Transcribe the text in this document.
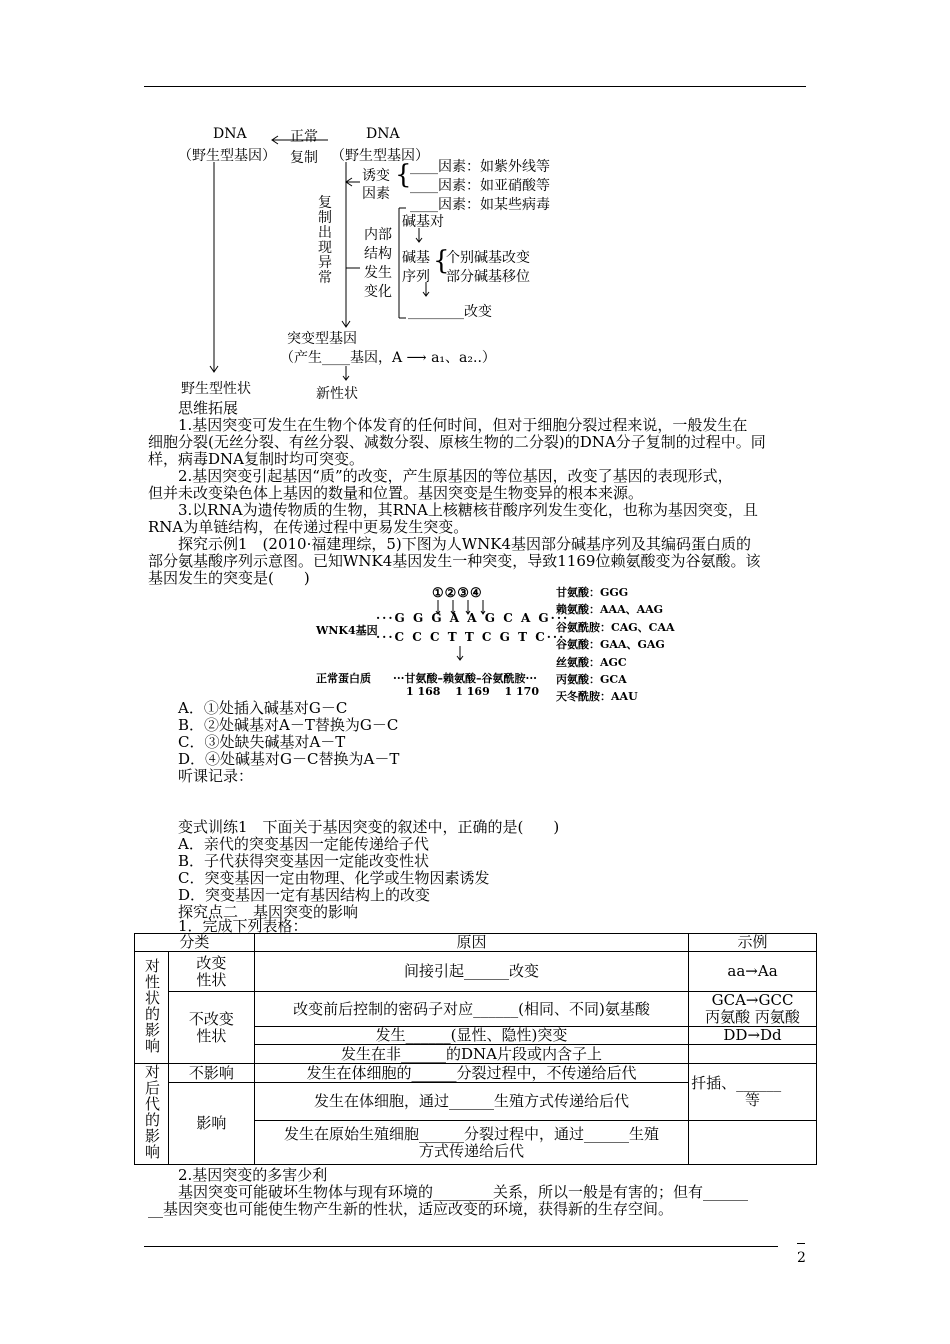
DNA
（野生型基因）
正常
复制
DNA
（野生型基因）
复制出现异常
诱变因素
{
____因素：如紫外线等
____因素：如亚硝酸等
____因素：如某些病毒
内部结构发生变化
碱基对
碱基序列
{
个别碱基改变
部分碱基移位
________改变
突变型基因
（产生____基因，A ⟶ a₁、a₂..）
野生型性状	新性状
思维拓展
1.基因突变可发生在生物个体发育的任何时间，但对于细胞分裂过程来说，一般发生在
细胞分裂(无丝分裂、有丝分裂、减数分裂、原核生物的二分裂)的DNA分子复制的过程中。同
样，病毒DNA复制时均可突变。
2.基因突变引起基因“质”的改变，产生原基因的等位基因，改变了基因的表现形式，
但并未改变染色体上基因的数量和位置。基因突变是生物变异的根本来源。
3.以RNA为遗传物质的生物，其RNA上核糖核苷酸序列发生变化，也称为基因突变，且
RNA为单链结构，在传递过程中更易发生突变。
探究示例1　(2010·福建理综，5)下图为人WNK4基因部分碱基序列及其编码蛋白质的
部分氨基酸序列示意图。已知WNK4基因发生一种突变，导致1169位赖氨酸变为谷氨酸。该
基因发生的突变是(　　)
①②③④
WNK4基因
···G G G A A G C A G···
···C C C T T C G T C···
正常蛋白质 ···甘氨酸–赖氨酸–谷氨酰胺···
1 168　 1 169　 1 170
甘氨酸：GGG
赖氨酸：AAA、AAG
谷氨酰胺：CAG、CAA
谷氨酸：GAA、GAG
丝氨酸：AGC
丙氨酸：GCA
天冬酰胺：AAU
A．①处插入碱基对G－C
B．②处碱基对A－T替换为G－C
C．③处缺失碱基对A－T
D．④处碱基对G－C替换为A－T
听课记录：
变式训练1　下面关于基因突变的叙述中，正确的是(　　)
A．亲代的突变基因一定能传递给子代
B．子代获得突变基因一定能改变性状
C．突变基因一定由物理、化学或生物因素诱发
D．突变基因一定有基因结构上的改变
探究点二　基因突变的影响
1．完成下列表格：
分类		原因	示例
对性状的影响	改变性状	间接引起______改变	aa→Aa
	不改变性状	改变前后控制的密码子对应______(相同、不同)氨基酸	GCA→GCC
丙氨酸 丙氨酸

		发生______(显性、隐性)突变	DD→Dd
		发生在非______的DNA片段或内含子上	
对后代的影响	不影响	发生在体细胞的______分裂过程中，不传递给后代	扦插、______
等

	影响	发生在体细胞，通过______生殖方式传递给后代	

		发生在原始生殖细胞______分裂过程中，通过______生殖
方式传递给后代	

2.基因突变的多害少利
基因突变可能破坏生物体与现有环境的________关系，所以一般是有害的；但有______
__基因突变也可能使生物产生新的性状，适应改变的环境，获得新的生存空间。
2
